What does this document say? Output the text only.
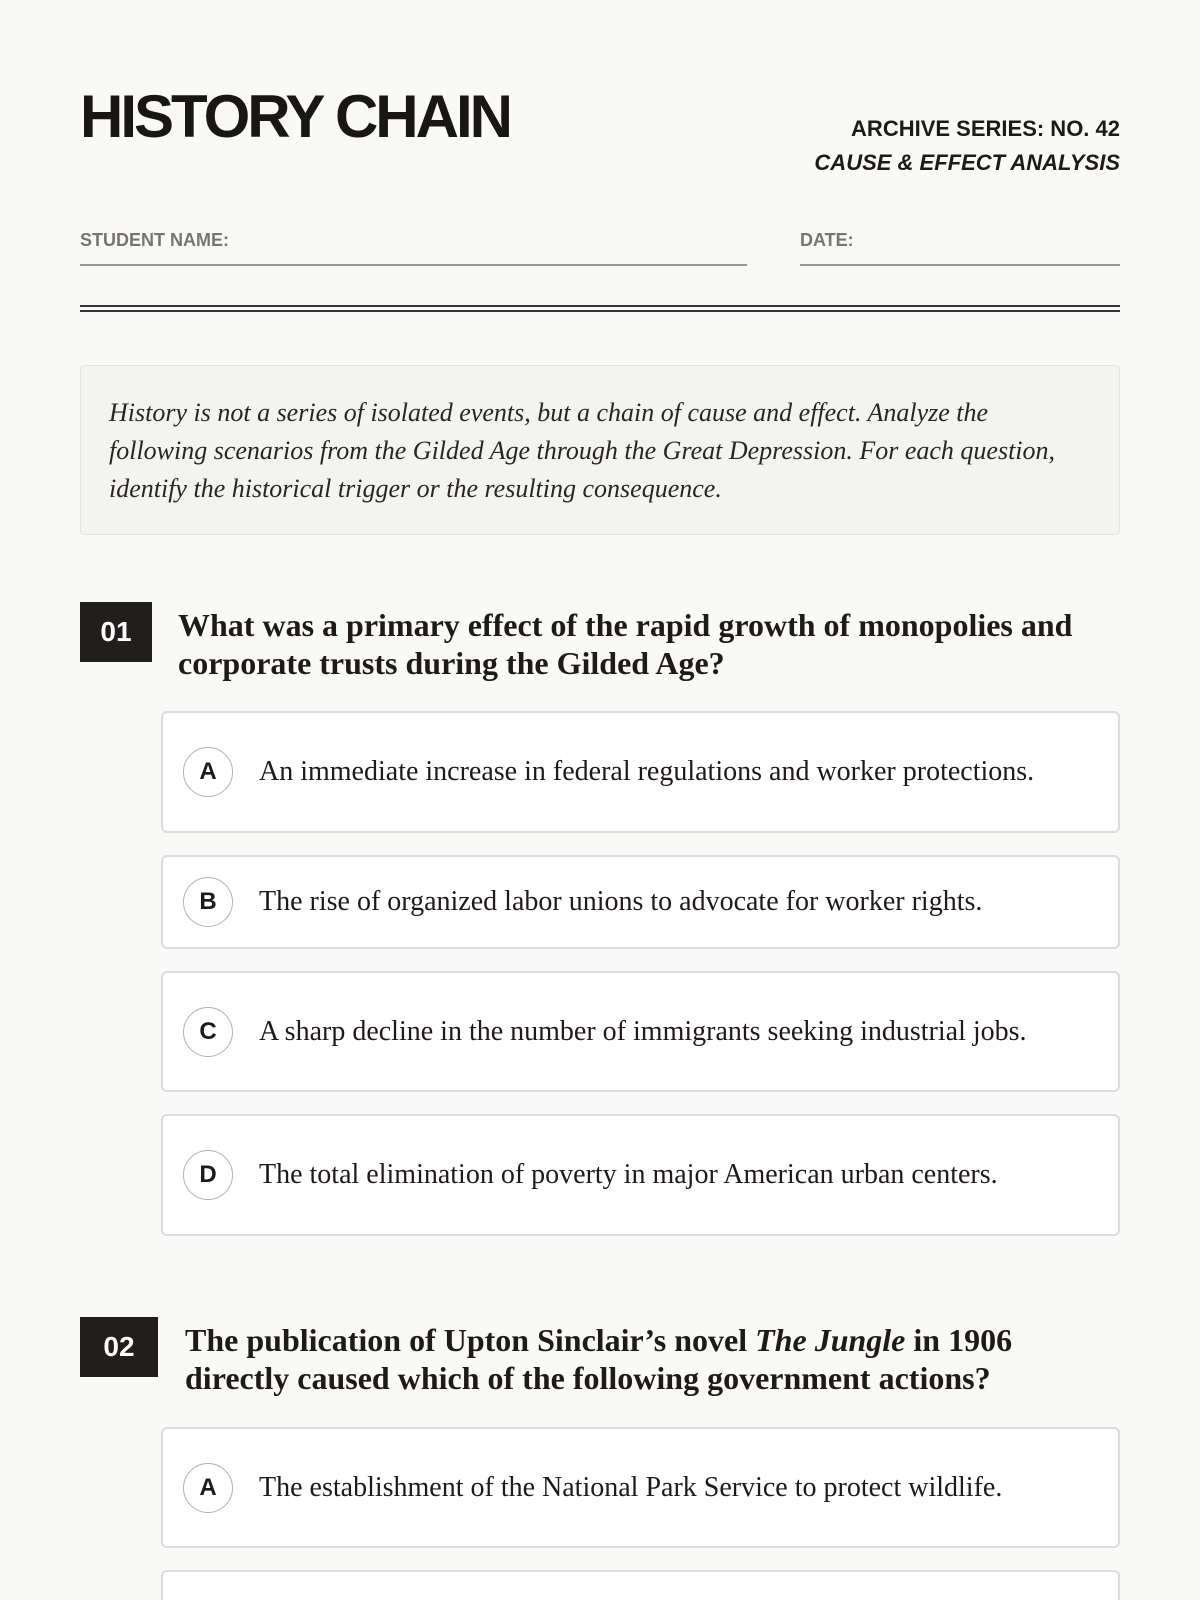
HISTORY CHAIN	ARCHIVE SERIES: NO. 42
CAUSE & EFFECT ANALYSIS
STUDENT NAME:	DATE:
History is not a series of isolated events, but a chain of cause and effect. Analyze the following scenarios from the Gilded Age through the Great Depression. For each question, identify the historical trigger or the resulting consequence.
01	What was a primary effect of the rapid growth of monopolies and corporate trusts during the Gilded Age?
A	An immediate increase in federal regulations and worker protections.
B	The rise of organized labor unions to advocate for worker rights.
C	A sharp decline in the number of immigrants seeking industrial jobs.
D	The total elimination of poverty in major American urban centers.
02	The publication of Upton Sinclair’s novel The Jungle in 1906 directly caused which of the following government actions?
A	The establishment of the National Park Service to protect wildlife.
